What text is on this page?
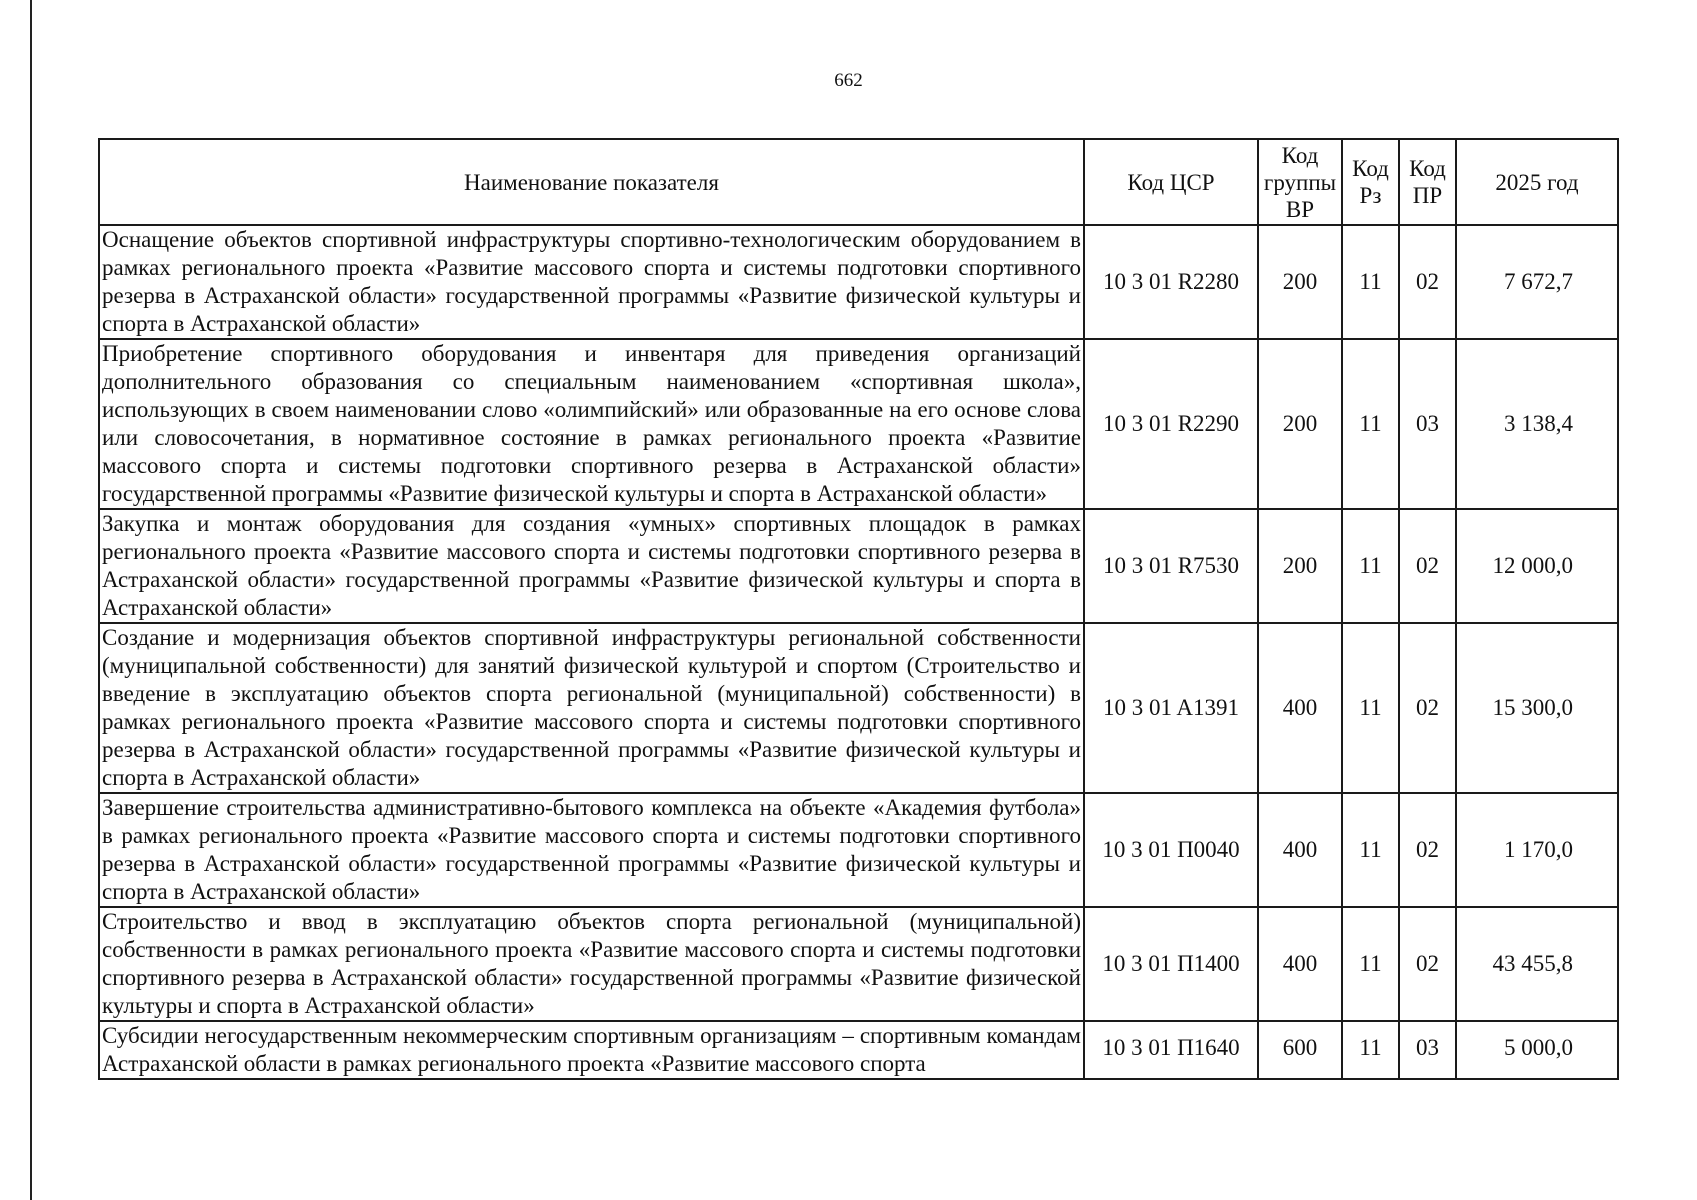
662
Наименование показателя	Код ЦСР	Код группы ВР	Код Рз	Код ПР	2025 год
Оснащение объектов спортивной инфраструктуры спортивно-технологическим оборудованием в рамках регионального проекта «Развитие массового спорта и системы подготовки спортивного резерва в Астраханской области» государственной программы «Развитие физической культуры и спорта в Астраханской области»	10 3 01 R2280	200	11	02	7 672,7
Приобретение спортивного оборудования и инвентаря для приведения организаций дополнительного образования со специальным наименованием «спортивная школа», использующих в своем наименовании слово «олимпийский» или образованные на его основе слова или словосочетания, в нормативное состояние в рамках регионального проекта «Развитие массового спорта и системы подготовки спортивного резерва в Астраханской области» государственной программы «Развитие физической культуры и спорта в Астраханской области»	10 3 01 R2290	200	11	03	3 138,4
Закупка и монтаж оборудования для создания «умных» спортивных площадок в рамках регионального проекта «Развитие массового спорта и системы подготовки спортивного резерва в Астраханской области» государственной программы «Развитие физической культуры и спорта в Астраханской области»	10 3 01 R7530	200	11	02	12 000,0
Создание и модернизация объектов спортивной инфраструктуры региональной собственности (муниципальной собственности) для занятий физической культурой и спортом (Строительство и введение в эксплуатацию объектов спорта региональной (муниципальной) собственности) в рамках регионального проекта «Развитие массового спорта и системы подготовки спортивного резерва в Астраханской области» государственной программы «Развитие физической культуры и спорта в Астраханской области»	10 3 01 A1391	400	11	02	15 300,0
Завершение строительства административно-бытового комплекса на объекте «Академия футбола» в рамках регионального проекта «Развитие массового спорта и системы подготовки спортивного резерва в Астраханской области» государственной программы «Развитие физической культуры и спорта в Астраханской области»	10 3 01 П0040	400	11	02	1 170,0
Строительство и ввод в эксплуатацию объектов спорта региональной (муниципальной) собственности в рамках регионального проекта «Развитие массового спорта и системы подготовки спортивного резерва в Астраханской области» государственной программы «Развитие физической культуры и спорта в Астраханской области»	10 3 01 П1400	400	11	02	43 455,8
Субсидии негосударственным некоммерческим спортивным организациям – спортивным командам Астраханской области в рамках регионального проекта «Развитие массового спорта	10 3 01 П1640	600	11	03	5 000,0
